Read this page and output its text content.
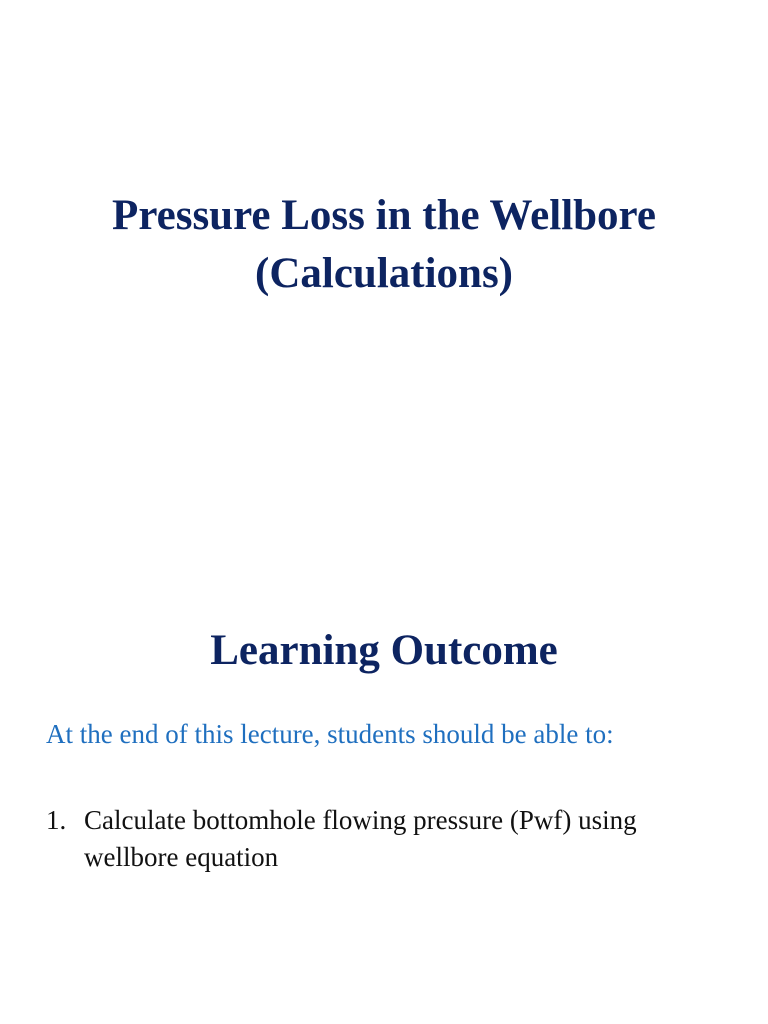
Pressure Loss in the Wellbore
(Calculations)
Learning Outcome
At the end of this lecture, students should be able to:
1. Calculate bottomhole flowing pressure (Pwf) using wellbore equation
